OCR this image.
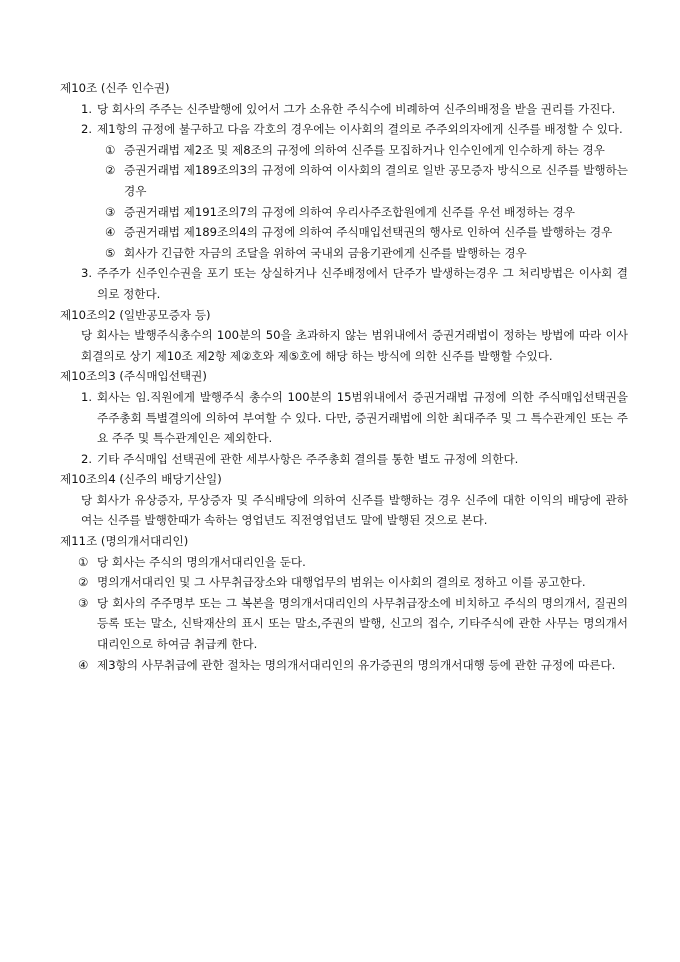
제10조 (신주 인수권)
1. 당 회사의 주주는 신주발행에 있어서 그가 소유한 주식수에 비례하여 신주의배정을 받을 권리를 가진다.
2. 제1항의 규정에 불구하고 다음 각호의 경우에는 이사회의 결의로 주주외의자에게 신주를 배정할 수 있다.
① 증권거래법 제2조 및 제8조의 규정에 의하여 신주를 모집하거나 인수인에게 인수하게 하는 경우
② 증권거래법 제189조의3의 규정에 의하여 이사회의 결의로 일반 공모증자 방식으로 신주를 발행하는 경우
③ 증권거래법 제191조의7의 규정에 의하여 우리사주조합원에게 신주를 우선 배정하는 경우
④ 증권거래법 제189조의4의 규정에 의하여 주식매입선택권의 행사로 인하여 신주를 발행하는 경우
⑤ 회사가 긴급한 자금의 조달을 위하여 국내외 금융기관에게 신주를 발행하는 경우
3. 주주가 신주인수권을 포기 또는 상실하거나 신주배정에서 단주가 발생하는경우 그 처리방법은 이사회 결의로 정한다.
제10조의2 (일반공모증자 등)
당 회사는 발행주식총수의 100분의 50을 초과하지 않는 범위내에서 증권거래법이 정하는 방법에 따라 이사회결의로 상기 제10조 제2항 제②호와 제⑤호에 해당 하는 방식에 의한 신주를 발행할 수있다.
제10조의3 (주식매입선택권)
1. 회사는 임.직원에게 발행주식 총수의 100분의 15범위내에서 증권거래법 규정에 의한 주식매입선택권을 주주총회 특별결의에 의하여 부여할 수 있다. 다만, 증권거래법에 의한 최대주주 및 그 특수관계인 또는 주요 주주 및 특수관계인은 제외한다.
2. 기타 주식매입 선택권에 관한 세부사항은 주주총회 결의를 통한 별도 규정에 의한다.
제10조의4 (신주의 배당기산일)
당 회사가 유상증자, 무상증자 및 주식배당에 의하여 신주를 발행하는 경우 신주에 대한 이익의 배당에 관하여는 신주를 발행한때가 속하는 영업년도 직전영업년도 말에 발행된 것으로 본다.
제11조 (명의개서대리인)
① 당 회사는 주식의 명의개서대리인을 둔다.
② 명의개서대리인 및 그 사무취급장소와 대행업무의 범위는 이사회의 결의로 정하고 이를 공고한다.
③ 당 회사의 주주명부 또는 그 복본을 명의개서대리인의 사무취급장소에 비치하고 주식의 명의개서, 질권의 등록 또는 말소, 신탁재산의 표시 또는 말소,주권의 발행, 신고의 접수, 기타주식에 관한 사무는 명의개서대리인으로 하여금 취급케 한다.
④ 제3항의 사무취급에 관한 절차는 명의개서대리인의 유가증권의 명의개서대행 등에 관한 규정에 따른다.
